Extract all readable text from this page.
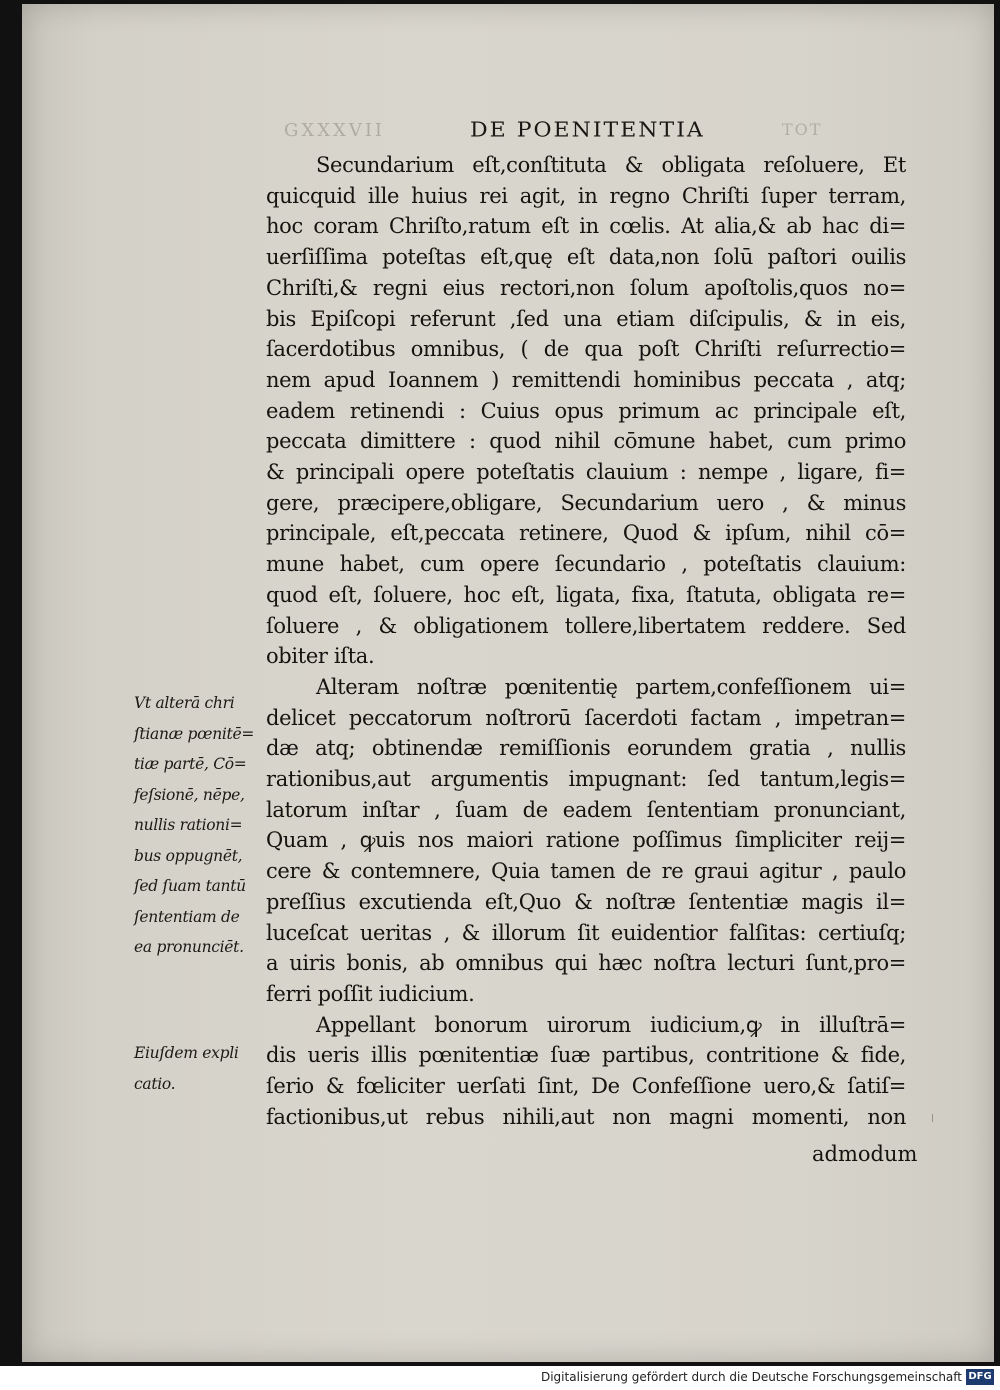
GXXXVII	TOT
DE POENITENTIA
Secundarium eſt,conſtituta & obligata reſoluere, Et
quicquid ille huius rei agit, in regno Chriſti ſuper terram,
hoc coram Chriſto,ratum eſt in cœlis. At alia,& ab hac di=
uerſiſſima poteſtas eſt,quę eſt data,non ſolū paſtori ouilis
Chriſti,& regni eius rectori,non ſolum apoſtolis,quos no=
bis Epiſcopi referunt ,ſed una etiam diſcipulis, & in eis,
ſacerdotibus omnibus, ( de qua poſt Chriſti reſurrectio=
nem apud Ioannem ) remittendi hominibus peccata , atq;
eadem retinendi : Cuius opus primum ac principale eſt,
peccata dimittere : quod nihil cōmune habet, cum primo
& principali opere poteſtatis clauium : nempe , ligare, fi=
gere, præcipere,obligare, Secundarium uero , & minus
principale, eſt,peccata retinere, Quod & ipſum, nihil cō=
mune habet, cum opere ſecundario , poteſtatis clauium:
quod eſt, ſoluere, hoc eſt, ligata, fixa, ſtatuta, obligata re=
ſoluere , & obligationem tollere,libertatem reddere. Sed
obiter iſta.
Alteram noſtræ pœnitentię partem,confeſſionem ui=
delicet peccatorum noſtrorū ſacerdoti factam , impetran=
dæ atq; obtinendæ remiſſionis eorundem gratia , nullis
rationibus,aut argumentis impugnant: ſed tantum,legis=
latorum inſtar , ſuam de eadem ſententiam pronunciant,
Quam , ꝙuis nos maiori ratione poſſimus ſimpliciter reij=
cere & contemnere, Quia tamen de re graui agitur , paulo
preſſius excutienda eſt,Quo & noſtræ ſententiæ magis il=
luceſcat ueritas , & illorum ſit euidentior falſitas: certiuſq;
a uiris bonis, ab omnibus qui hæc noſtra lecturi ſunt,pro=
ferri poſſit iudicium.
Appellant bonorum uirorum iudicium,ꝙ in illuſtrā=
dis ueris illis pœnitentiæ ſuæ partibus, contritione & fide,
ſerio & fœliciter uerſati ſint, De Confeſſione uero,& ſatiſ=
factionibus,ut rebus nihili,aut non magni momenti, non
admodum
Vt alterā chri
ſtianæ pœnitē=
tiæ partē, Cō=
feſsionē, nēpe,
nullis rationi=
bus oppugnēt,
ſed ſuam tantū
ſententiam de
ea pronunciēt.
Eiuſdem expli
catio.
Digitalisierung gefördert durch die Deutsche Forschungsgemeinschaft DFG
